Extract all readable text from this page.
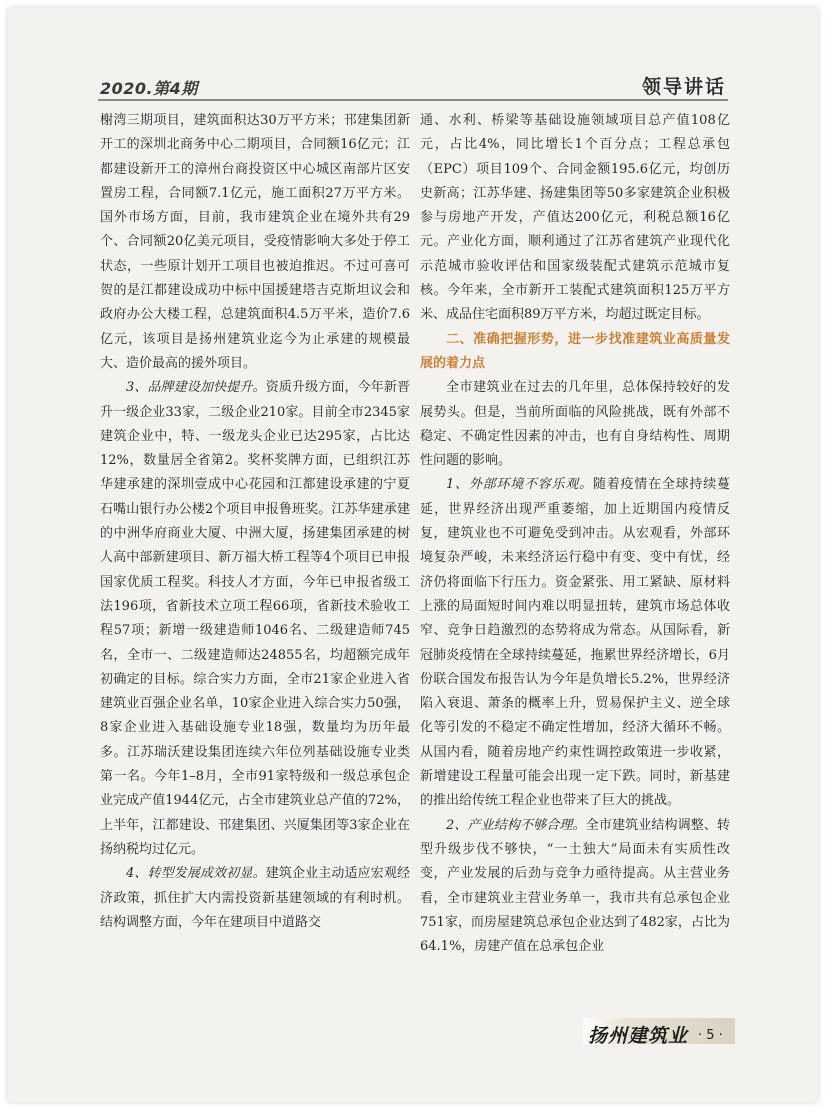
2020.第4期	领导讲话

榭湾三期项目，建筑面积达30万平方米；邗建集团新开工的深圳北商务中心二期项目，合同额16亿元；江都建设新开工的漳州台商投资区中心城区南部片区安置房工程，合同额7.1亿元，施工面积27万平方米。国外市场方面，目前，我市建筑企业在境外共有29个、合同额20亿美元项目，受疫情影响大多处于停工状态，一些原计划开工项目也被迫推迟。不过可喜可贺的是江都建设成功中标中国援建塔吉克斯坦议会和政府办公大楼工程，总建筑面积4.5万平米，造价7.6亿元，该项目是扬州建筑业迄今为止承建的规模最大、造价最高的援外项目。

3、品牌建设加快提升。资质升级方面，今年新晋升一级企业33家，二级企业210家。目前全市2345家建筑企业中，特、一级龙头企业已达295家，占比达12%，数量居全省第2。奖杯奖牌方面，已组织江苏华建承建的深圳壹成中心花园和江都建设承建的宁夏石嘴山银行办公楼2个项目申报鲁班奖。江苏华建承建的中洲华府商业大厦、中洲大厦，扬建集团承建的树人高中部新建项目、新万福大桥工程等4个项目已申报国家优质工程奖。科技人才方面，今年已申报省级工法196项，省新技术立项工程66项，省新技术验收工程57项；新增一级建造师1046名、二级建造师745名，全市一、二级建造师达24855名，均超额完成年初确定的目标。综合实力方面，全市21家企业进入省建筑业百强企业名单，10家企业进入综合实力50强，8家企业进入基础设施专业18强，数量均为历年最多。江苏瑞沃建设集团连续六年位列基础设施专业类第一名。今年1–8月，全市91家特级和一级总承包企业完成产值1944亿元，占全市建筑业总产值的72%，上半年，江都建设、邗建集团、兴厦集团等3家企业在扬纳税均过亿元。

4、转型发展成效初显。建筑企业主动适应宏观经济政策，抓住扩大内需投资新基建领域的有利时机。结构调整方面，今年在建项目中道路交

通、水利、桥梁等基础设施领域项目总产值108亿元，占比4%，同比增长1个百分点；工程总承包（EPC）项目109个、合同金额195.6亿元，均创历史新高；江苏华建、扬建集团等50多家建筑企业积极参与房地产开发，产值达200亿元，利税总额16亿元。产业化方面，顺利通过了江苏省建筑产业现代化示范城市验收评估和国家级装配式建筑示范城市复核。今年来，全市新开工装配式建筑面积125万平方米、成品住宅面积89万平方米，均超过既定目标。

二、准确把握形势，进一步找准建筑业高质量发展的着力点

全市建筑业在过去的几年里，总体保持较好的发展势头。但是，当前所面临的风险挑战，既有外部不稳定、不确定性因素的冲击，也有自身结构性、周期性问题的影响。

1、外部环境不容乐观。随着疫情在全球持续蔓延，世界经济出现严重萎缩，加上近期国内疫情反复，建筑业也不可避免受到冲击。从宏观看，外部环境复杂严峻，未来经济运行稳中有变、变中有忧，经济仍将面临下行压力。资金紧张、用工紧缺、原材料上涨的局面短时间内难以明显扭转，建筑市场总体收窄、竞争日趋激烈的态势将成为常态。从国际看，新冠肺炎疫情在全球持续蔓延，拖累世界经济增长，6月份联合国发布报告认为今年是负增长5.2%，世界经济陷入衰退、萧条的概率上升，贸易保护主义、逆全球化等引发的不稳定不确定性增加，经济大循环不畅。从国内看，随着房地产约束性调控政策进一步收紧，新增建设工程量可能会出现一定下跌。同时，新基建的推出给传统工程企业也带来了巨大的挑战。

2、产业结构不够合理。全市建筑业结构调整、转型升级步伐不够快，“一土独大”局面未有实质性改变，产业发展的后劲与竞争力亟待提高。从主营业务看，全市建筑业主营业务单一，我市共有总承包企业751家，而房屋建筑总承包企业达到了482家，占比为64.1%，房建产值在总承包企业

扬州建筑业 · 5 ·
